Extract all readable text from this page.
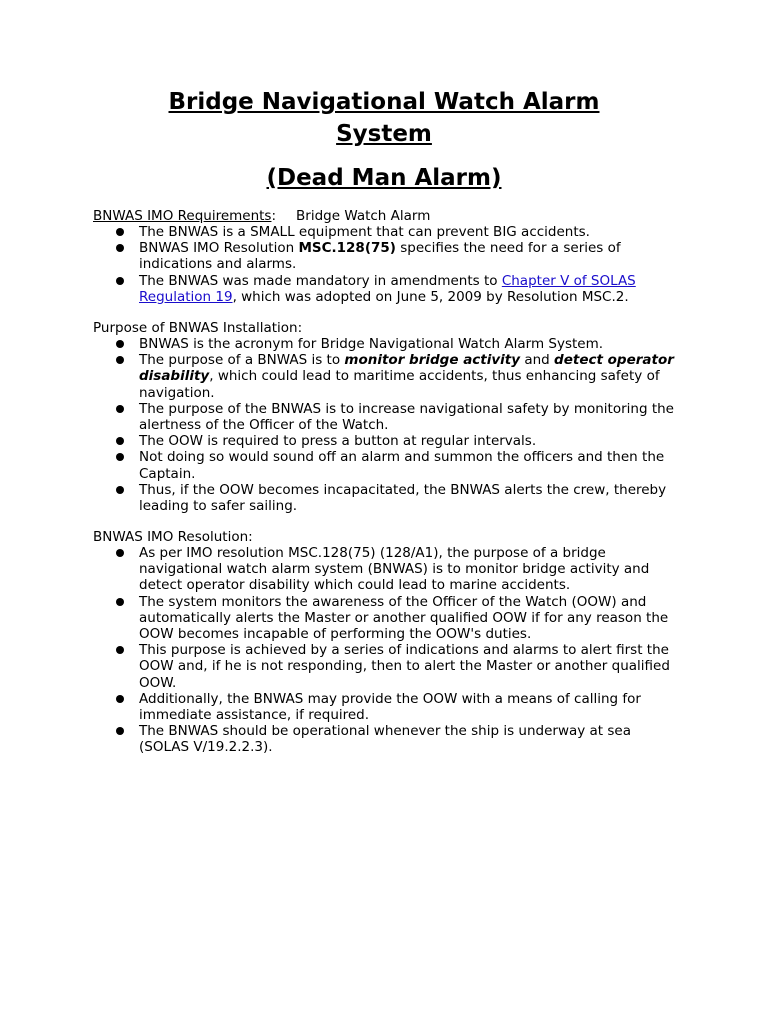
Bridge Navigational Watch Alarm
System
(Dead Man Alarm)

BNWAS IMO Requirements: Bridge Watch Alarm

The BNWAS is a SMALL equipment that can prevent BIG accidents.
BNWAS IMO Resolution MSC.128(75) specifies the need for a series of indications and alarms.
The BNWAS was made mandatory in amendments to Chapter V of SOLAS Regulation 19, which was adopted on June 5, 2009 by Resolution MSC.2.

Purpose of BNWAS Installation:

BNWAS is the acronym for Bridge Navigational Watch Alarm System.
The purpose of a BNWAS is to monitor bridge activity and detect operator disability, which could lead to maritime accidents, thus enhancing safety of navigation.
The purpose of the BNWAS is to increase navigational safety by monitoring the alertness of the Officer of the Watch.
The OOW is required to press a button at regular intervals.
Not doing so would sound off an alarm and summon the officers and then the Captain.
Thus, if the OOW becomes incapacitated, the BNWAS alerts the crew, thereby leading to safer sailing.

BNWAS IMO Resolution:

As per IMO resolution MSC.128(75) (128/A1), the purpose of a bridge navigational watch alarm system (BNWAS) is to monitor bridge activity and detect operator disability which could lead to marine accidents.
The system monitors the awareness of the Officer of the Watch (OOW) and automatically alerts the Master or another qualified OOW if for any reason the OOW becomes incapable of performing the OOW's duties.
This purpose is achieved by a series of indications and alarms to alert first the OOW and, if he is not responding, then to alert the Master or another qualified OOW.
Additionally, the BNWAS may provide the OOW with a means of calling for immediate assistance, if required.
The BNWAS should be operational whenever the ship is underway at sea (SOLAS V/19.2.2.3).
